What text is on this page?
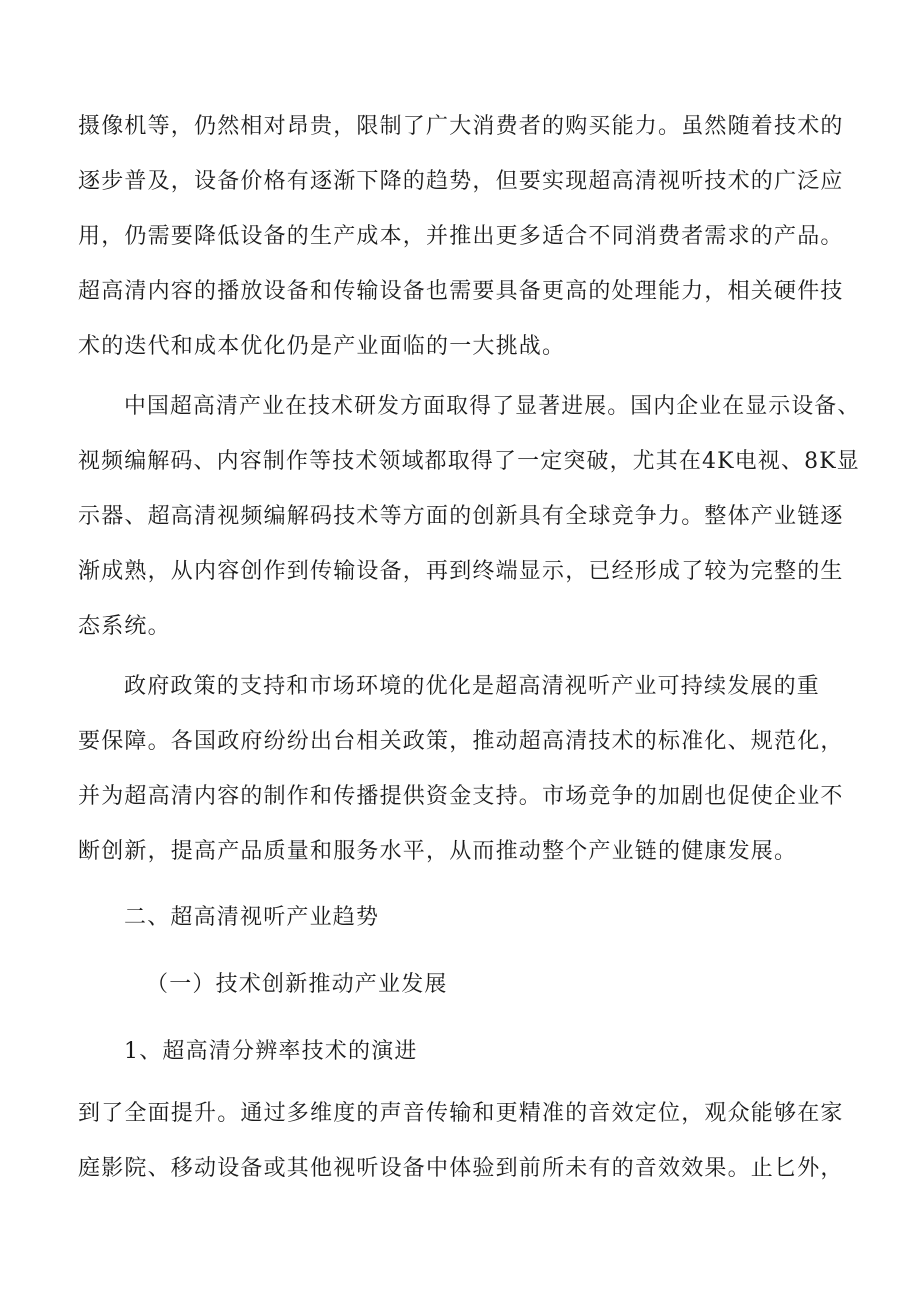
摄像机等，仍然相对昂贵，限制了广大消费者的购买能力。虽然随着技术的
逐步普及，设备价格有逐渐下降的趋势，但要实现超高清视听技术的广泛应
用，仍需要降低设备的生产成本，并推出更多适合不同消费者需求的产品。
超高清内容的播放设备和传输设备也需要具备更高的处理能力，相关硬件技
术的迭代和成本优化仍是产业面临的一大挑战。
中国超高清产业在技术研发方面取得了显著进展。国内企业在显示设备、
视频编解码、内容制作等技术领域都取得了一定突破，尤其在4K电视、8K显
示器、超高清视频编解码技术等方面的创新具有全球竞争力。整体产业链逐
渐成熟，从内容创作到传输设备，再到终端显示，已经形成了较为完整的生
态系统。
政府政策的支持和市场环境的优化是超高清视听产业可持续发展的重
要保障。各国政府纷纷出台相关政策，推动超高清技术的标准化、规范化，
并为超高清内容的制作和传播提供资金支持。市场竞争的加剧也促使企业不
断创新，提高产品质量和服务水平，从而推动整个产业链的健康发展。
二、超高清视听产业趋势
（一）技术创新推动产业发展
1、超高清分辨率技术的演进
到了全面提升。通过多维度的声音传输和更精准的音效定位，观众能够在家
庭影院、移动设备或其他视听设备中体验到前所未有的音效效果。止匕外，
